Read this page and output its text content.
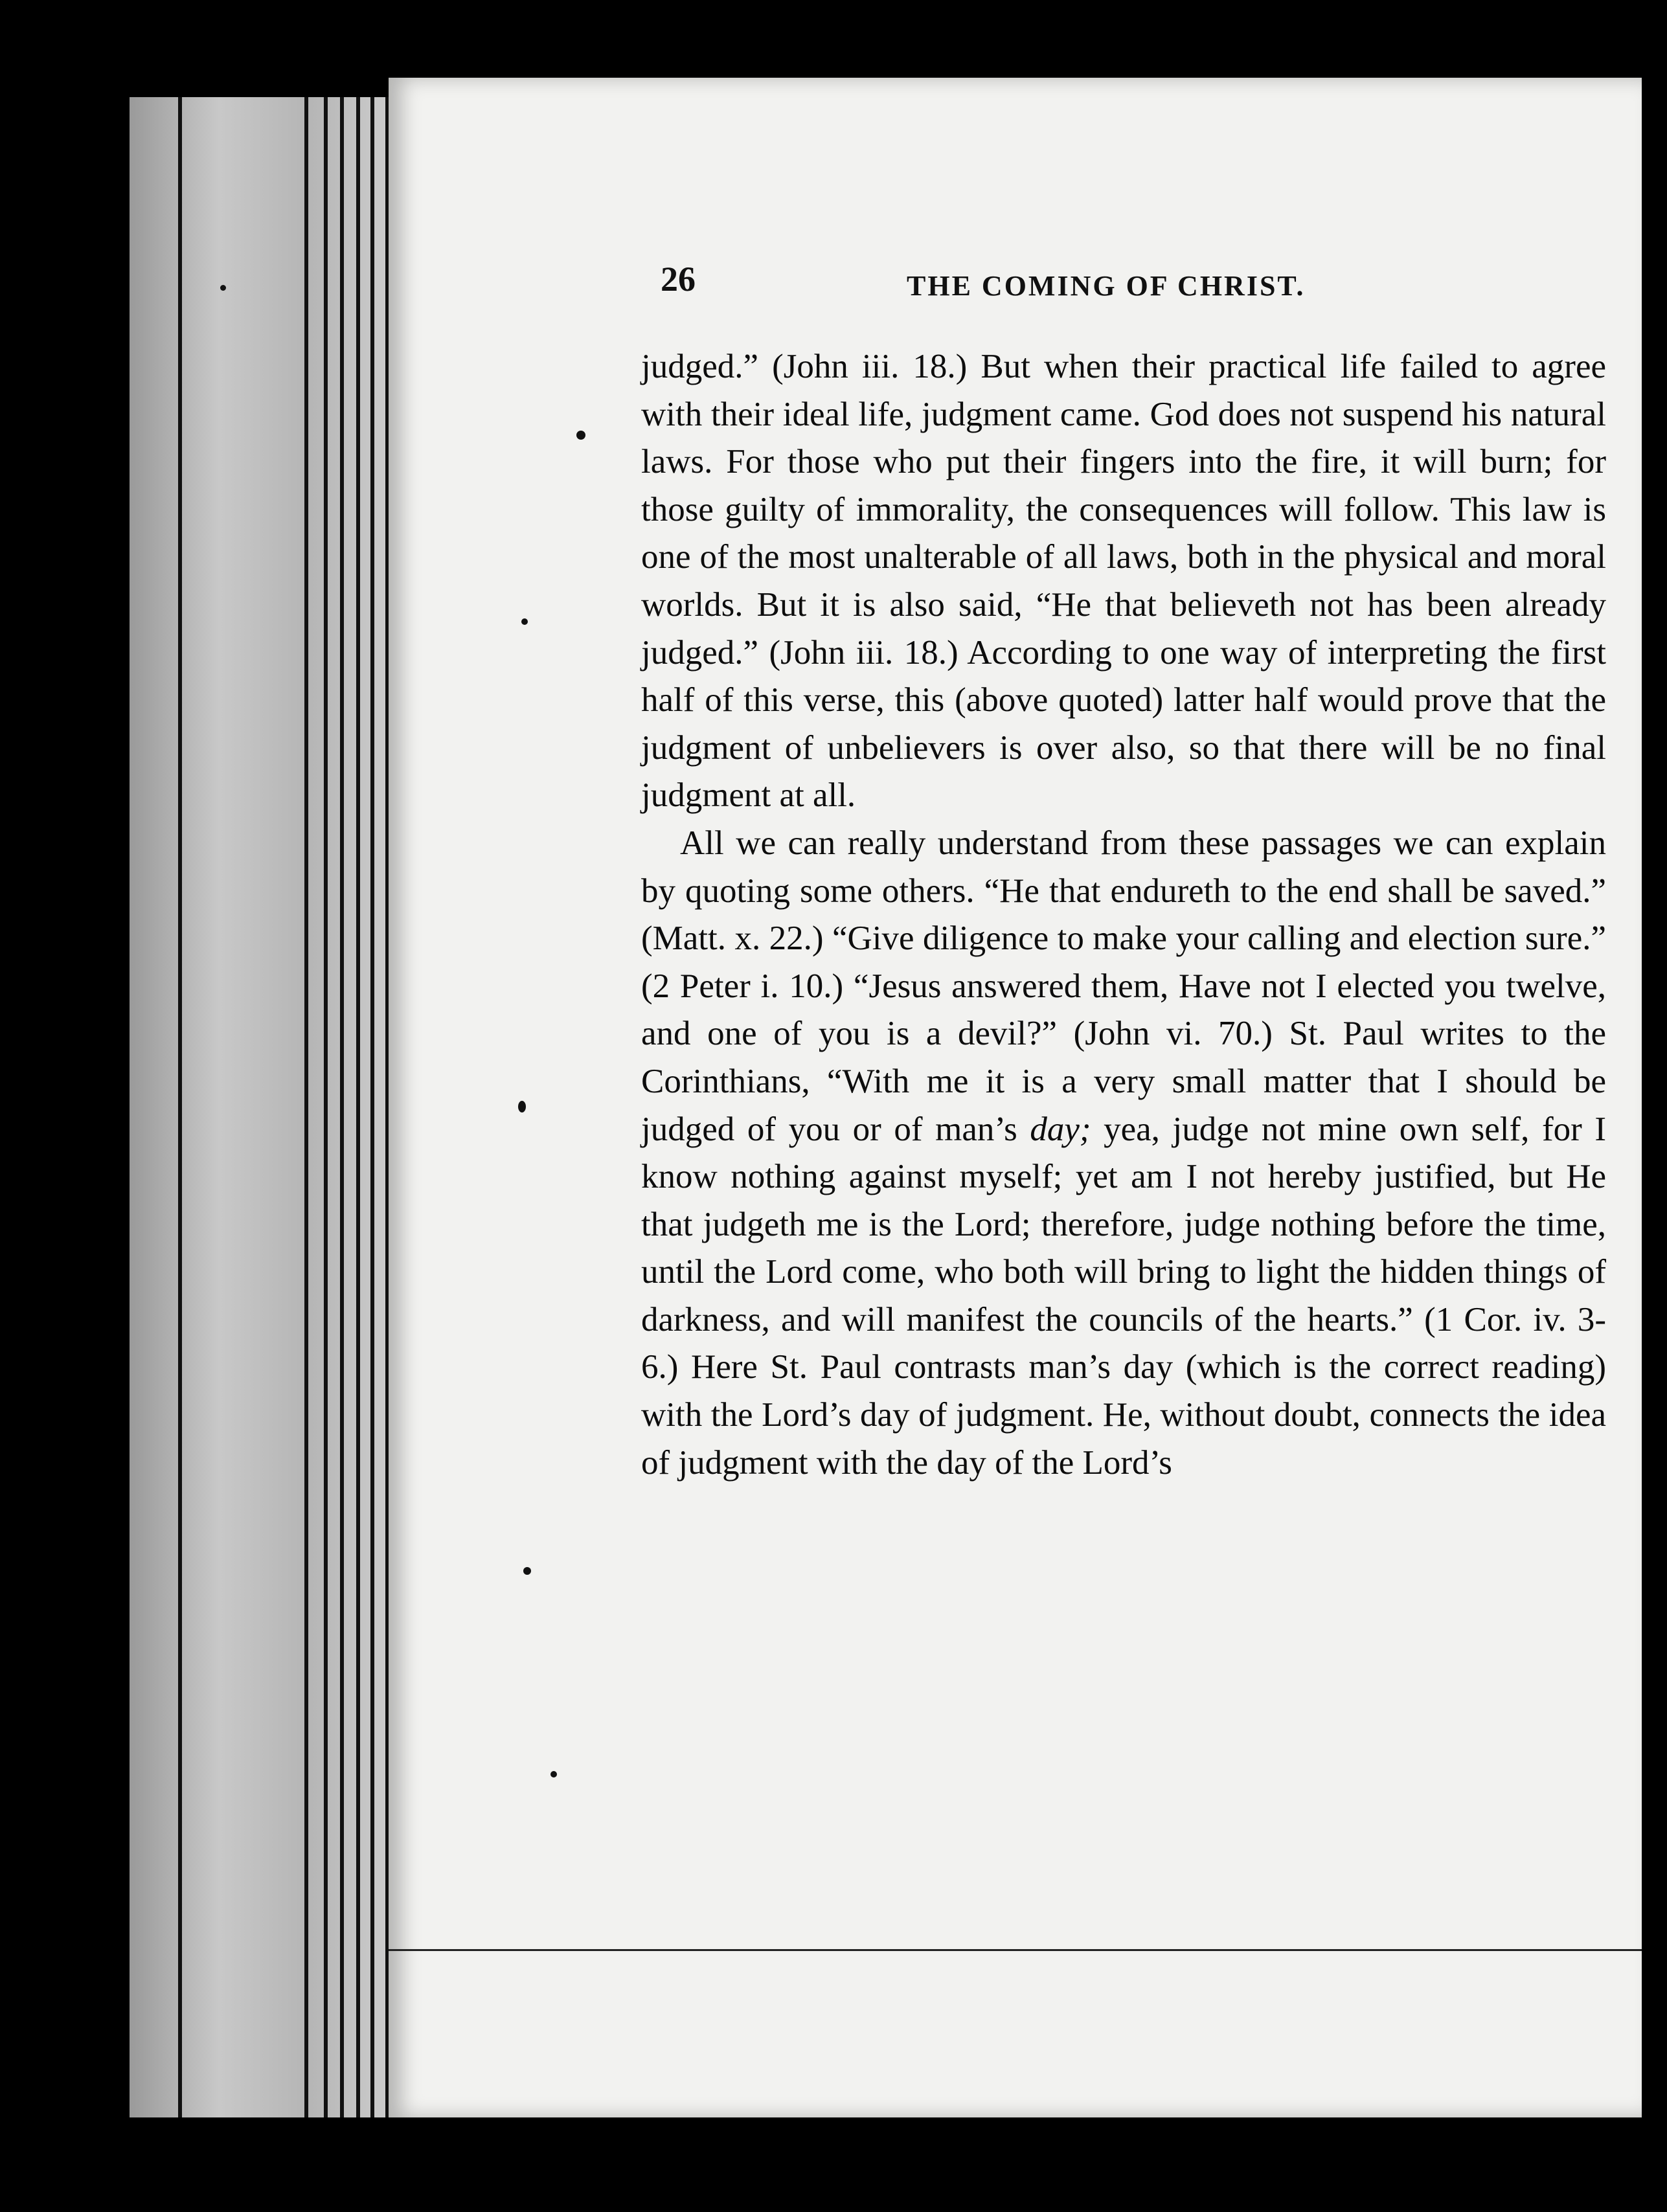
26	THE COMING OF CHRIST.

judged.” (John iii. 18.) But when their practical life failed to agree with their ideal life, judgment came. God does not suspend his natural laws. For those who put their fingers into the fire, it will burn; for those guilty of immorality, the consequences will follow. This law is one of the most unalterable of all laws, both in the physical and moral worlds. But it is also said, “He that believeth not has been already judged.” (John iii. 18.) According to one way of interpreting the first half of this verse, this (above quoted) latter half would prove that the judgment of unbelievers is over also, so that there will be no final judgment at all.

All we can really understand from these passages we can explain by quoting some others. “He that endureth to the end shall be saved.” (Matt. x. 22.) “Give diligence to make your calling and election sure.” (2 Peter i. 10.) “Jesus answered them, Have not I elected you twelve, and one of you is a devil?” (John vi. 70.) St. Paul writes to the Corinthians, “With me it is a very small matter that I should be judged of you or of man’s day; yea, judge not mine own self, for I know nothing against myself; yet am I not hereby justified, but He that judgeth me is the Lord; therefore, judge nothing before the time, until the Lord come, who both will bring to light the hidden things of darkness, and will manifest the councils of the hearts.” (1 Cor. iv. 3-6.) Here St. Paul contrasts man’s day (which is the correct reading) with the Lord’s day of judgment. He, without doubt, connects the idea of judgment with the day of the Lord’s
